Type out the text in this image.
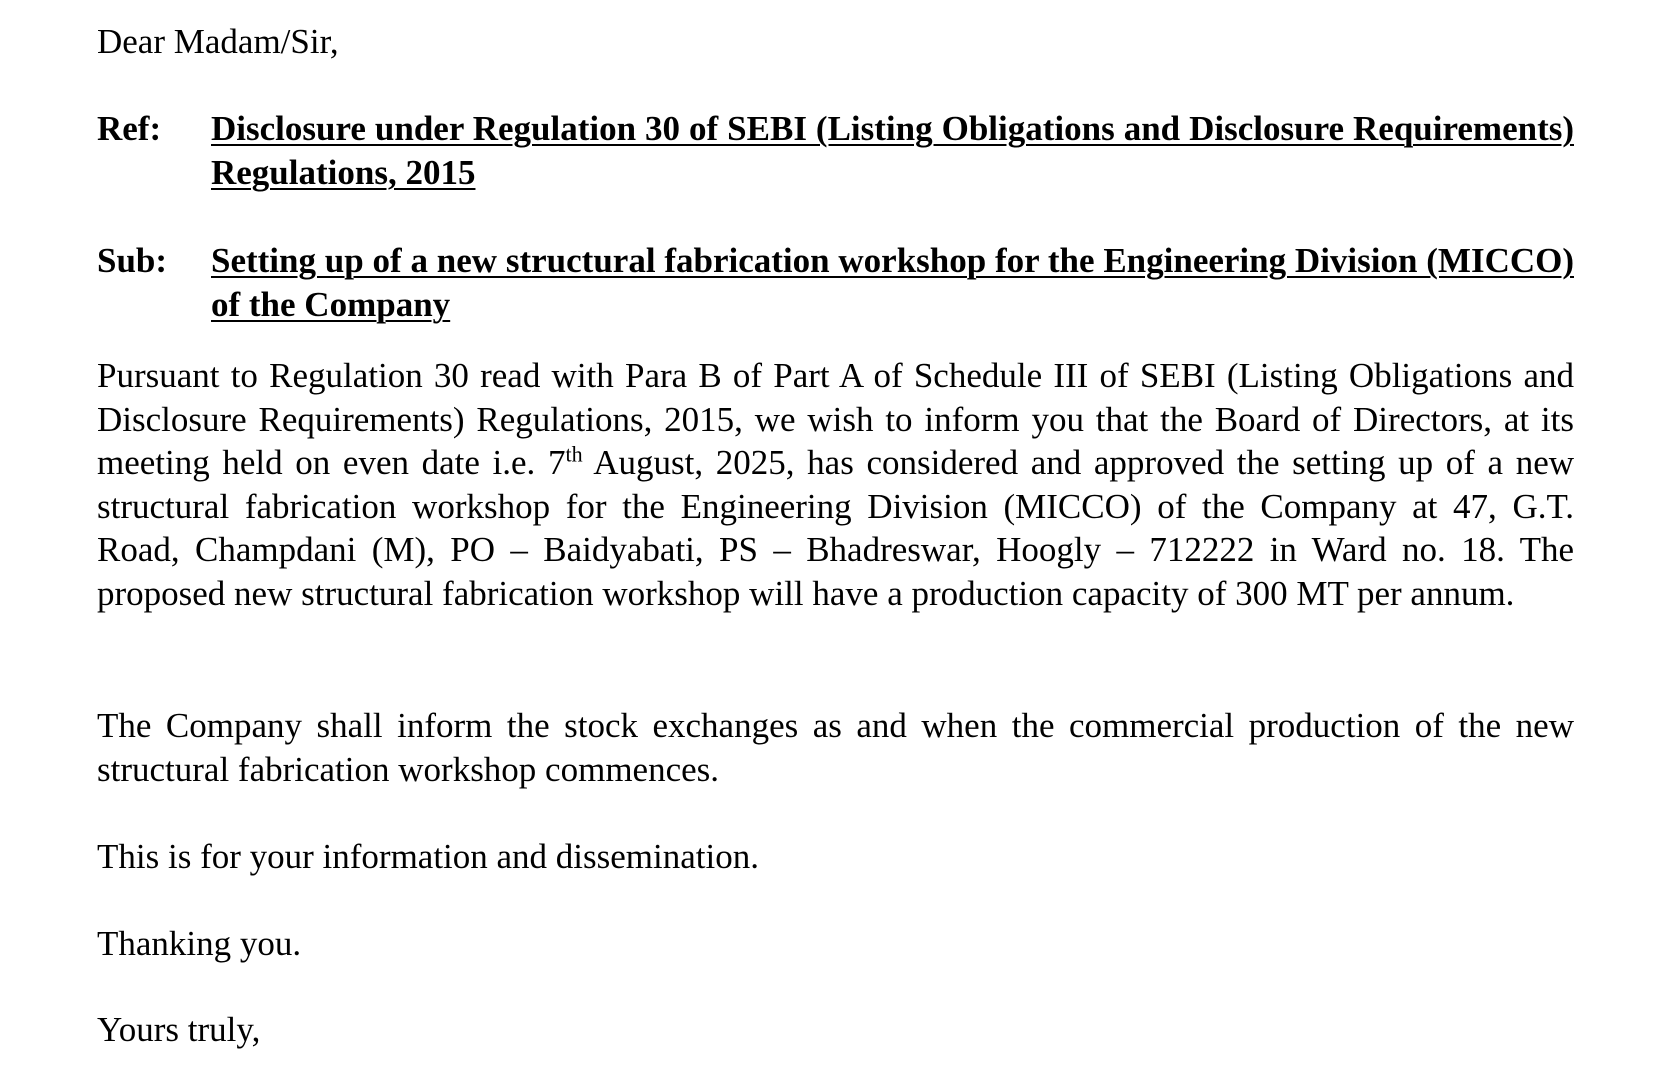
Dear Madam/Sir,
Ref: Disclosure under Regulation 30 of SEBI (Listing Obligations and Disclosure Requirements) Regulations, 2015
Sub: Setting up of a new structural fabrication workshop for the Engineering Division (MICCO) of the Company

Pursuant to Regulation 30 read with Para B of Part A of Schedule III of SEBI (Listing Obligations and Disclosure Requirements) Regulations, 2015, we wish to inform you that the Board of Directors, at its meeting held on even date i.e. 7th August, 2025, has considered and approved the setting up of a new structural fabrication workshop for the Engineering Division (MICCO) of the Company at 47, G.T. Road, Champdani (M), PO – Baidyabati, PS – Bhadreswar, Hoogly – 712222 in Ward no. 18. The proposed new structural fabrication workshop will have a production capacity of 300 MT per annum.

The Company shall inform the stock exchanges as and when the commercial production of the new structural fabrication workshop commences.

This is for your information and dissemination.

Thanking you.

Yours truly,
